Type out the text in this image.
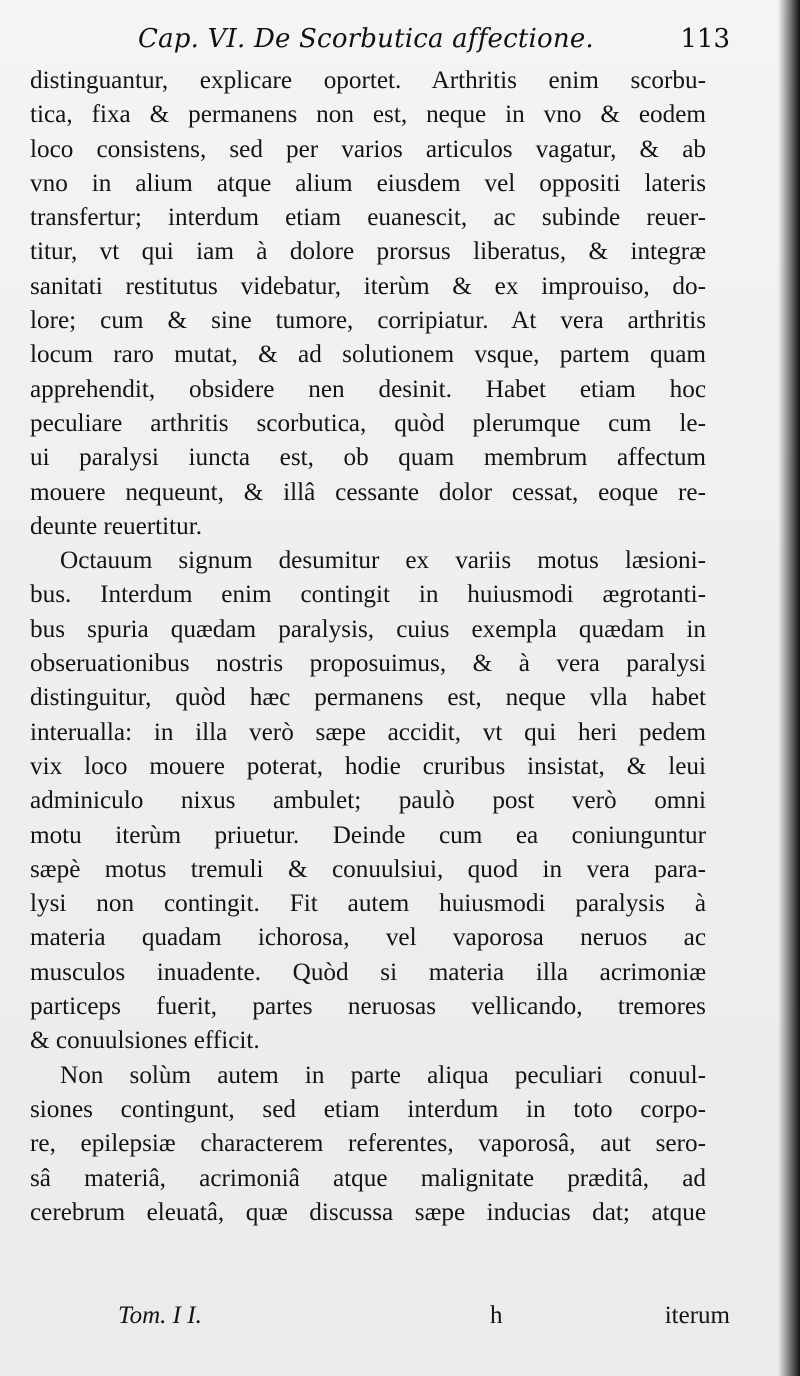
Cap. VI. De Scorbutica affectione.	113
distinguantur, explicare oportet. Arthritis enim scorbu-
tica, fixa & permanens non est, neque in vno & eodem
loco consistens, sed per varios articulos vagatur, & ab
vno in alium atque alium eiusdem vel oppositi lateris
transfertur; interdum etiam euanescit, ac subinde reuer-
titur, vt qui iam à dolore prorsus liberatus, & integræ
sanitati restitutus videbatur, iterùm & ex improuiso, do-
lore; cum & sine tumore, corripiatur. At vera arthritis
locum raro mutat, & ad solutionem vsque, partem quam
apprehendit, obsidere nen desinit. Habet etiam hoc
peculiare arthritis scorbutica, quòd plerumque cum le-
ui paralysi iuncta est, ob quam membrum affectum
mouere nequeunt, & illâ cessante dolor cessat, eoque re-
deunte reuertitur.
Octauum signum desumitur ex variis motus læsioni-
bus. Interdum enim contingit in huiusmodi ægrotanti-
bus spuria quædam paralysis, cuius exempla quædam in
obseruationibus nostris proposuimus, & à vera paralysi
distinguitur, quòd hæc permanens est, neque vlla habet
interualla: in illa verò sæpe accidit, vt qui heri pedem
vix loco mouere poterat, hodie cruribus insistat, & leui
adminiculo nixus ambulet; paulò post verò omni
motu iterùm priuetur. Deinde cum ea coniunguntur
sæpè motus tremuli & conuulsiui, quod in vera para-
lysi non contingit. Fit autem huiusmodi paralysis à
materia quadam ichorosa, vel vaporosa neruos ac
musculos inuadente. Quòd si materia illa acrimoniæ
particeps fuerit, partes neruosas vellicando, tremores
& conuulsiones efficit.
Non solùm autem in parte aliqua peculiari conuul-
siones contingunt, sed etiam interdum in toto corpo-
re, epilepsiæ characterem referentes, vaporosâ, aut sero-
sâ materiâ, acrimoniâ atque malignitate præditâ, ad
cerebrum eleuatâ, quæ discussa sæpe inducias dat; atque
Tom. I I.	h	iterum
